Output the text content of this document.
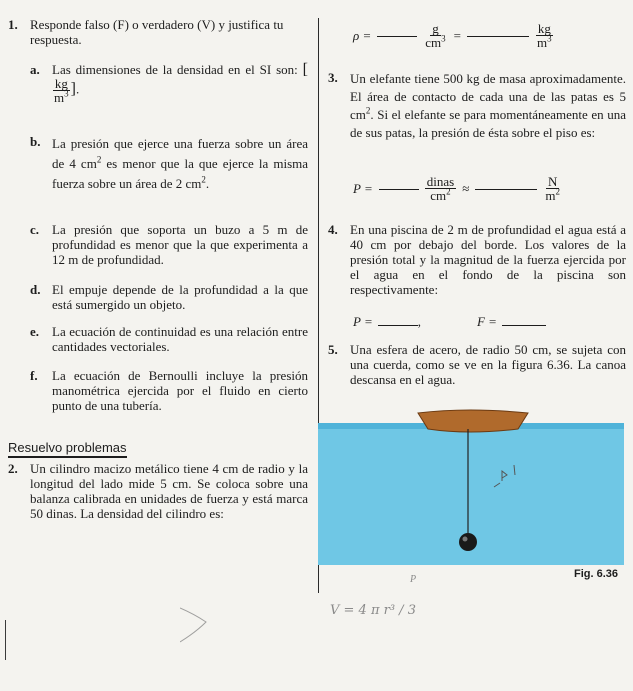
1. Responde falso (F) o verdadero (V) y justifica tu respuesta.
a. Las dimensiones de la densidad en el SI son: [
$\frac{kg}{m^3}$ ].
b. La presión que ejerce una fuerza sobre un área de 4 $cm^2$ es menor que la que ejerce la misma fuerza sobre un área de 2 $cm^2$.
c. La presión que soporta un buzo a 5 m de profundidad es menor que la que experimenta a 12 m de profundidad.
d. El empuje depende de la profundidad a la que está sumergido un objeto.
e. La ecuación de continuidad es una relación entre cantidades vectoriales.
f. La ecuación de Bernoulli incluye la presión manométrica ejercida por el fluido en cierto punto de una tubería.
Resuelvo problemas
2. Un cilindro macizo metálico tiene 4 cm de radio y la longitud del lado mide 5 cm. Se coloca sobre una balanza calibrada en unidades de fuerza y está marca 50 dinas. La densidad del cilindro es:
ρ =	$\frac{g}{cm^3}$ =	$\frac{kg}{m^3}$
3. Un elefante tiene 500 kg de masa aproximadamente. El área de contacto de cada una de las patas es 5 $cm^2$. Si el elefante se para momentáneamente en una de sus patas, la presión de ésta sobre el piso es:
P =	$\frac{\text{dinas}}{cm^2}$ ≈	$\frac{N}{m^2}$
4. En una piscina de 2 m de profundidad el agua está a 40 cm por debajo del borde. Los valores de la presión total y la magnitud de la fuerza ejercida por el agua en el fondo de la piscina son respectivamente:
P =	,	F =
5. Una esfera de acero, de radio 50 cm, se sujeta con una cuerda, como se ve en la figura 6.36. La canoa descansa en el agua.
Fig. 6.36
V = 4 π r³ / 3
P
